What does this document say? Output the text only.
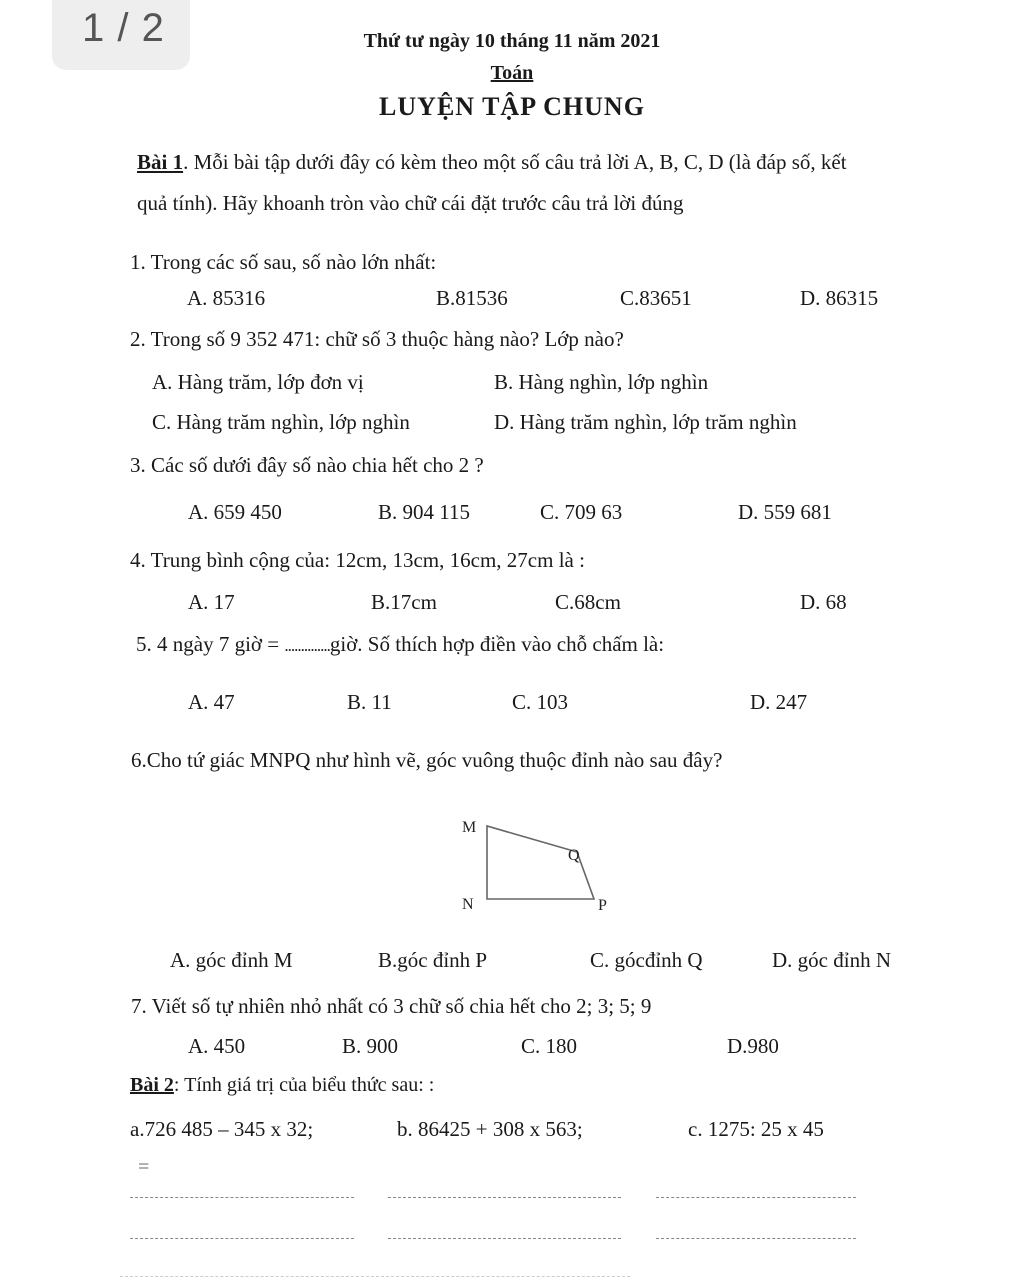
1 / 2	Thứ tư ngày 10 tháng 11 năm 2021
Toán
LUYỆN TẬP CHUNG
Bài 1. Mỗi bài tập dưới đây có kèm theo một số câu trả lời A, B, C, D (là đáp số, kết
quả tính). Hãy khoanh tròn vào chữ cái đặt trước câu trả lời đúng
1. Trong các số sau, số nào lớn nhất:
A. 85316	B.81536	C.83651	D. 86315
2. Trong số 9 352 471: chữ số 3 thuộc hàng nào? Lớp nào?
A. Hàng trăm, lớp đơn vị	B. Hàng nghìn, lớp nghìn
C. Hàng trăm nghìn, lớp nghìn	D. Hàng trăm nghìn, lớp trăm nghìn
3. Các số dưới đây số nào chia hết cho 2 ?
A. 659 450	B. 904 115	C. 709 63	D. 559 681
4. Trung bình cộng của: 12cm, 13cm, 16cm, 27cm là :
A. 17	B.17cm	C.68cm	D. 68
5. 4 ngày 7 giờ = ..............giờ. Số thích hợp điền vào chỗ chấm là:
A. 47	B. 11	C. 103	D. 247
6.Cho tứ giác MNPQ như hình vẽ, góc vuông thuộc đỉnh nào sau đây?
M
Q
N	P
A. góc đỉnh M	B.góc đỉnh P	C. gócđỉnh Q	D. góc đỉnh N
7. Viết số tự nhiên nhỏ nhất có 3 chữ số chia hết cho 2; 3; 5; 9
A. 450	B. 900	C. 180	D.980
Bài 2: Tính giá trị của biểu thức sau: :
a.726 485 – 345 x 32;	b. 86425 + 308 x 563;	c. 1275: 25 x 45
=
